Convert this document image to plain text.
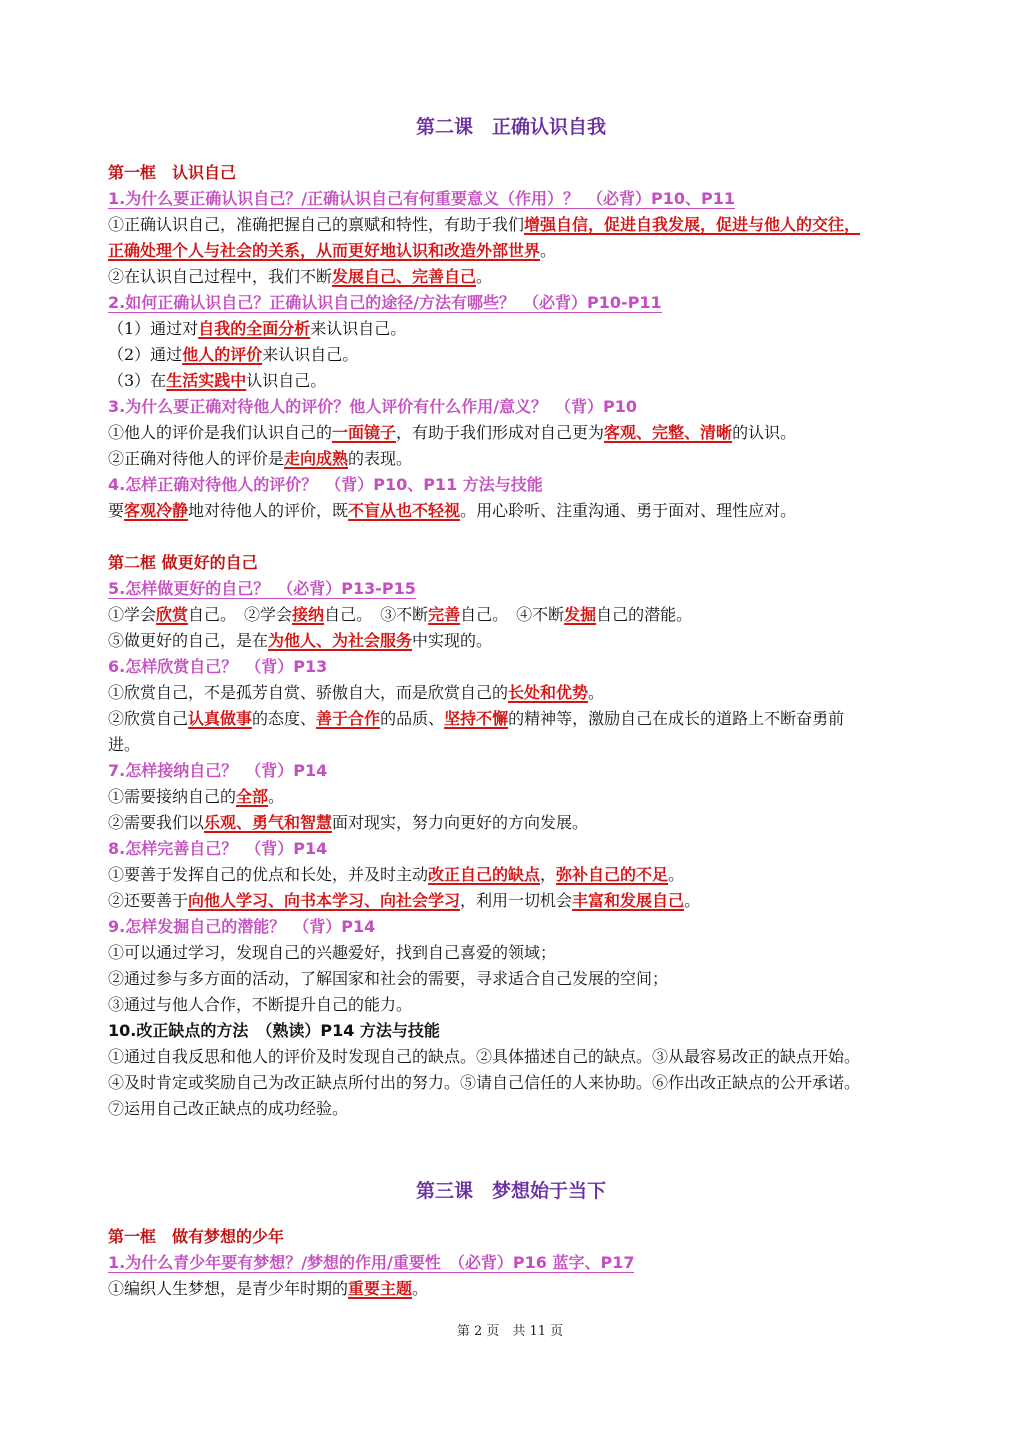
第二课　正确认识自我
第一框　认识自己
1.为什么要正确认识自己？/正确认识自己有何重要意义（作用）？　（必背）P10、P11
①正确认识自己，准确把握自己的禀赋和特性，有助于我们增强自信，促进自我发展，促进与他人的交往，
正确处理个人与社会的关系，从而更好地认识和改造外部世界。
②在认识自己过程中，我们不断发展自己、完善自己。
2.如何正确认识自己？正确认识自己的途径/方法有哪些？　（必背）P10-P11
（1）通过对自我的全面分析来认识自己。
（2）通过他人的评价来认识自己。
（3）在生活实践中认识自己。
3.为什么要正确对待他人的评价？他人评价有什么作用/意义？　（背）P10
①他人的评价是我们认识自己的一面镜子，有助于我们形成对自己更为客观、完整、清晰的认识。
②正确对待他人的评价是走向成熟的表现。
4.怎样正确对待他人的评价？　（背）P10、P11 方法与技能
要客观冷静地对待他人的评价，既不盲从也不轻视。用心聆听、注重沟通、勇于面对、理性应对。
第二框 做更好的自己
5.怎样做更好的自己？　（必背）P13-P15
①学会欣赏自己。　②学会接纳自己。　③不断完善自己。　④不断发掘自己的潜能。
⑤做更好的自己，是在为他人、为社会服务中实现的。
6.怎样欣赏自己？　（背）P13
①欣赏自己，不是孤芳自赏、骄傲自大，而是欣赏自己的长处和优势。
②欣赏自己认真做事的态度、善于合作的品质、坚持不懈的精神等，激励自己在成长的道路上不断奋勇前
进。
7.怎样接纳自己？　（背）P14
①需要接纳自己的全部。
②需要我们以乐观、勇气和智慧面对现实，努力向更好的方向发展。
8.怎样完善自己？　（背）P14
①要善于发挥自己的优点和长处，并及时主动改正自己的缺点，弥补自己的不足。
②还要善于向他人学习、向书本学习、向社会学习，利用一切机会丰富和发展自己。
9.怎样发掘自己的潜能？　（背）P14
①可以通过学习，发现自己的兴趣爱好，找到自己喜爱的领域；
②通过参与多方面的活动，了解国家和社会的需要，寻求适合自己发展的空间；
③通过与他人合作，不断提升自己的能力。
10.改正缺点的方法　（熟读）P14 方法与技能
①通过自我反思和他人的评价及时发现自己的缺点。②具体描述自己的缺点。③从最容易改正的缺点开始。
④及时肯定或奖励自己为改正缺点所付出的努力。⑤请自己信任的人来协助。⑥作出改正缺点的公开承诺。
⑦运用自己改正缺点的成功经验。
第三课　梦想始于当下
第一框　做有梦想的少年
1.为什么青少年要有梦想？/梦想的作用/重要性　（必背）P16 蓝字、P17
①编织人生梦想，是青少年时期的重要主题。
第 2 页　共 11 页
